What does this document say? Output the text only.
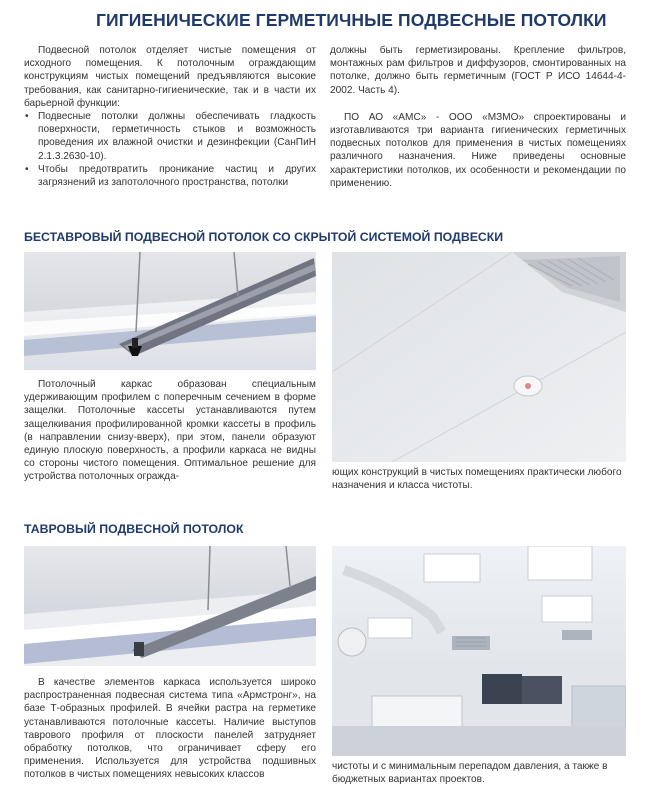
ГИГИЕНИЧЕСКИЕ ГЕРМЕТИЧНЫЕ ПОДВЕСНЫЕ ПОТОЛКИ

Подвесной потолок отделяет чистые помещения от исходного помещения. К потолочным ограждающим конструкциям чистых помещений предъявляются высокие требования, как санитарно-гигиенические, так и в части их барьерной функции:

• Подвесные потолки должны обеспечивать гладкость поверхности, герметичность стыков и возможность проведения их влажной очистки и дезинфекции (СанПиН 2.1.3.2630-10).
• Чтобы предотвратить проникание частиц и других загрязнений из запотолочного пространства, потолки

должны быть герметизированы. Крепление фильтров, монтажных рам фильтров и диффузоров, смонтированных на потолке, должно быть герметичным (ГОСТ Р ИСО 14644-4-2002. Часть 4).

ПО АО «АМС» - ООО «МЗМО» спроектированы и изготавливаются три варианта гигиенических герметичных подвесных потолков для применения в чистых помещениях различного назначения. Ниже приведены основные характеристики потолков, их особенности и рекомендации по применению.

БЕСТАВРОВЫЙ ПОДВЕСНОЙ ПОТОЛОК СО СКРЫТОЙ СИСТЕМОЙ ПОДВЕСКИ
Потолочный каркас образован специальным удерживающим профилем с поперечным сечением в форме защелки. Потолочные кассеты устанавливаются путем защелкивания профилированной кромки кассеты в профиль (в направлении снизу-вверх), при этом, панели образуют единую плоскую поверхность, а профили каркаса не видны со стороны чистого помещения. Оптимальное решение для устройства потолочных огражда-	ющих конструкций в чистых помещениях практически любого назначения и класса чистоты.
ТАВРОВЫЙ ПОДВЕСНОЙ ПОТОЛОК
В качестве элементов каркаса используется широко распространенная подвесная система типа «Армстронг», на базе Т-образных профилей. В ячейки растра на герметике устанавливаются потолочные кассеты. Наличие выступов таврового профиля от плоскости панелей затрудняет обработку потолков, что ограничивает сферу его применения. Используется для устройства подшивных потолков в чистых помещениях невысоких классов
чистоты и с минимальным перепадом давления, а также в бюджетных вариантах проектов.
